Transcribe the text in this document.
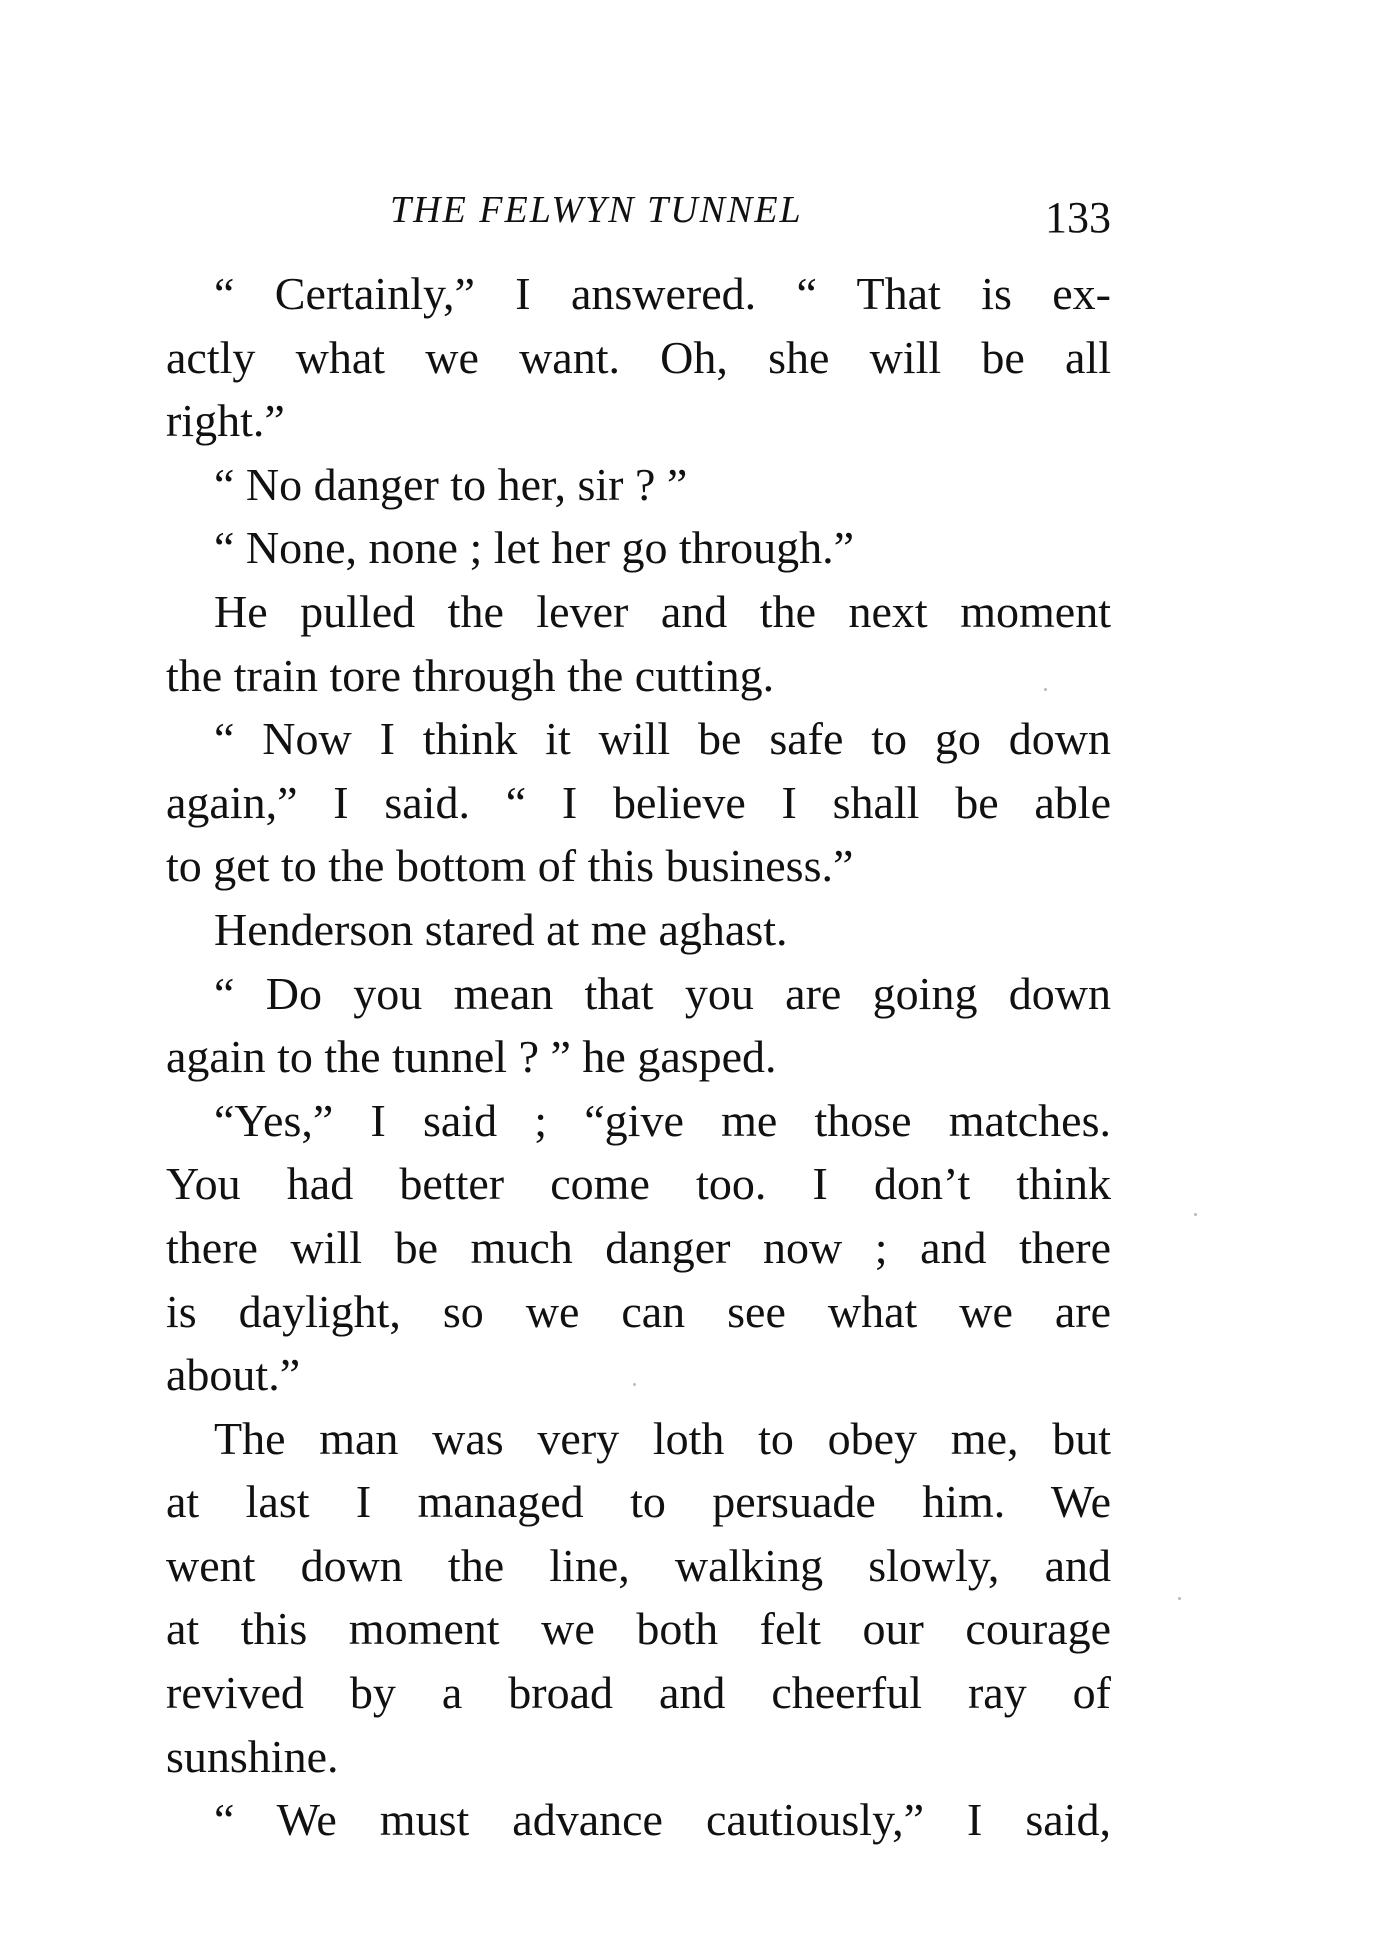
THE FELWYN TUNNEL	133
“ Certainly,” I answered. “ That is ex-
actly what we want. Oh, she will be all
right.”
“ No danger to her, sir ? ”
“ None, none ; let her go through.”
He pulled the lever and the next moment
the train tore through the cutting.
“ Now I think it will be safe to go down
again,” I said. “ I believe I shall be able
to get to the bottom of this business.”
Henderson stared at me aghast.
“ Do you mean that you are going down
again to the tunnel ? ” he gasped.
“Yes,” I said ; “give me those matches.
You had better come too. I don’t think
there will be much danger now ; and there
is daylight, so we can see what we are
about.”
The man was very loth to obey me, but
at last I managed to persuade him. We
went down the line, walking slowly, and
at this moment we both felt our courage
revived by a broad and cheerful ray of
sunshine.
“ We must advance cautiously,” I said,
